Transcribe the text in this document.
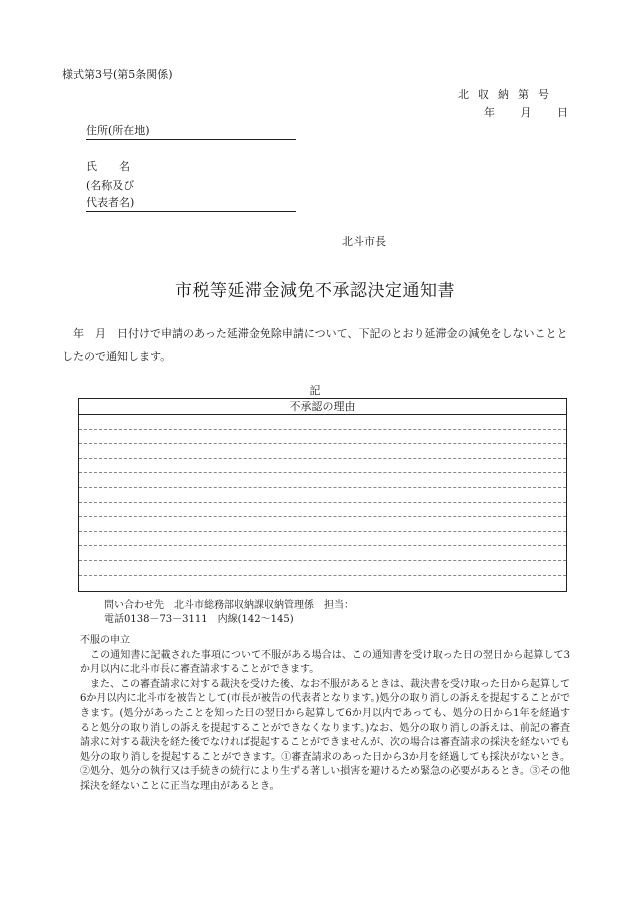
様式第3号(第5条関係)
北収納第号
年 月 日
住所(所在地)
氏名
(名称及び
代表者名)
北斗市長
市税等延滞金減免不承認決定通知書
　年　月　日付けで申請のあった延滞金免除申請について、下記のとおり延滞金の減免をしないこととしたので通知します。
記
不承認の理由
問い合わせ先　北斗市総務部収納課収納管理係　担当：
電話0138－73－3111　内線(142～145)

不服の申立

この通知書に記載された事項について不服がある場合は、この通知書を受け取った日の翌日から起算して3か月以内に北斗市長に審査請求することができます。

また、この審査請求に対する裁決を受けた後、なお不服があるときは、裁決書を受け取った日から起算して6か月以内に北斗市を被告として(市長が被告の代表者となります。)処分の取り消しの訴えを提起することができます。(処分があったことを知った日の翌日から起算して6か月以内であっても、処分の日から1年を経過すると処分の取り消しの訴えを提起することができなくなります。)なお、処分の取り消しの訴えは、前記の審査請求に対する裁決を経た後でなければ提起することができませんが、次の場合は審査請求の採決を経ないでも処分の取り消しを提起することができます。①審査請求のあった日から3か月を経過しても採決がないとき。②処分、処分の執行又は手続きの続行により生ずる著しい損害を避けるため緊急の必要があるとき。③その他採決を経ないことに正当な理由があるとき。
